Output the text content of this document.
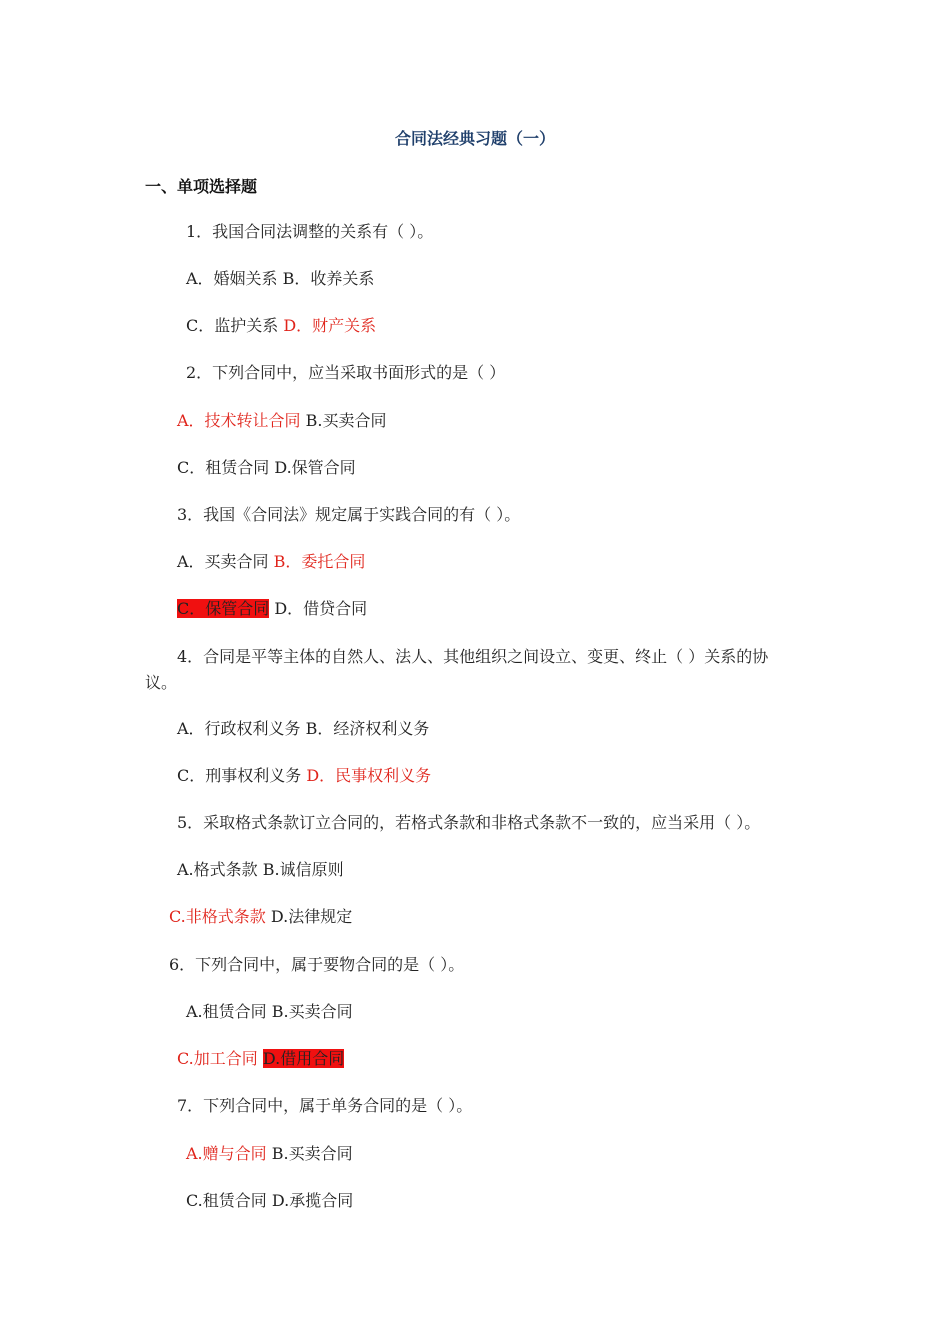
合同法经典习题（一）
一、单项选择题
1．我国合同法调整的关系有（ ）。
A．婚姻关系 B．收养关系
C．监护关系 D．财产关系
2．下列合同中，应当采取书面形式的是（ ）
A．技术转让合同 B.买卖合同
C．租赁合同 D.保管合同
3．我国《合同法》规定属于实践合同的有（ ）。
A．买卖合同 B．委托合同
C．保管合同 D．借贷合同
4．合同是平等主体的自然人、法人、其他组织之间设立、变更、终止（ ）关系的协
议。
A．行政权利义务 B．经济权利义务
C．刑事权利义务 D．民事权利义务
5．采取格式条款订立合同的，若格式条款和非格式条款不一致的，应当采用（ ）。
A.格式条款 B.诚信原则
C.非格式条款 D.法律规定
6．下列合同中，属于要物合同的是（ ）。
A.租赁合同 B.买卖合同
C.加工合同 D.借用合同
7．下列合同中，属于单务合同的是（ ）。
A.赠与合同 B.买卖合同
C.租赁合同 D.承揽合同
